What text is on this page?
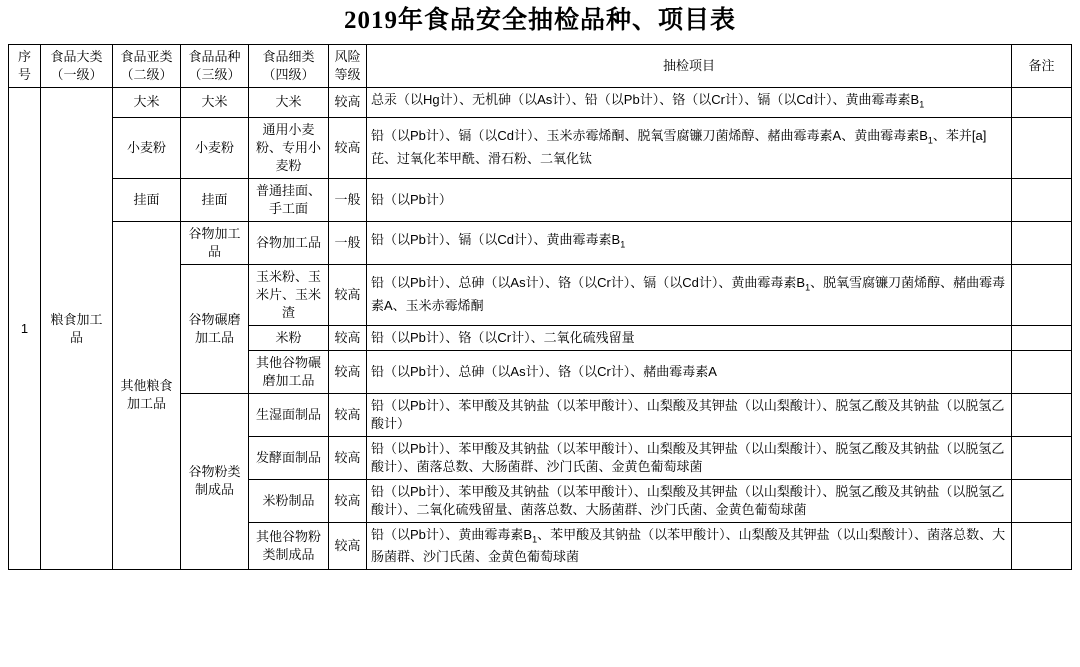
2019年食品安全抽检品种、项目表
序号	食品大类（一级）	食品亚类（二级）	食品品种（三级）	食品细类（四级）	风险等级	抽检项目	备注
1	粮食加工品	大米	大米	大米	较高	总汞（以Hg计）、无机砷（以As计）、铅（以Pb计）、铬（以Cr计）、镉（以Cd计）、黄曲霉毒素$B_1$	
		小麦粉	小麦粉	通用小麦粉、专用小麦粉	较高	铅（以Pb计）、镉（以Cd计）、玉米赤霉烯酮、脱氧雪腐镰刀菌烯醇、赭曲霉毒素A、黄曲霉毒素$B_1$、苯并[a]芘、过氧化苯甲酰、滑石粉、二氧化钛	
		挂面	挂面	普通挂面、手工面	一般	铅（以Pb计）	
		其他粮食加工品	谷物加工品	谷物加工品	一般	铅（以Pb计）、镉（以Cd计）、黄曲霉毒素$B_1$	
			谷物碾磨加工品	玉米粉、玉米片、玉米渣	较高	铅（以Pb计）、总砷（以As计）、铬（以Cr计）、镉（以Cd计）、黄曲霉毒素$B_1$、脱氧雪腐镰刀菌烯醇、赭曲霉毒素A、玉米赤霉烯酮	
				米粉	较高	铅（以Pb计）、铬（以Cr计）、二氧化硫残留量	
				其他谷物碾磨加工品	较高	铅（以Pb计）、总砷（以As计）、铬（以Cr计）、赭曲霉毒素A	
			谷物粉类制成品	生湿面制品	较高	铅（以Pb计）、苯甲酸及其钠盐（以苯甲酸计）、山梨酸及其钾盐（以山梨酸计）、脱氢乙酸及其钠盐（以脱氢乙酸计）	
				发酵面制品	较高	铅（以Pb计）、苯甲酸及其钠盐（以苯甲酸计）、山梨酸及其钾盐（以山梨酸计）、脱氢乙酸及其钠盐（以脱氢乙酸计）、菌落总数、大肠菌群、沙门氏菌、金黄色葡萄球菌	
				米粉制品	较高	铅（以Pb计）、苯甲酸及其钠盐（以苯甲酸计）、山梨酸及其钾盐（以山梨酸计）、脱氢乙酸及其钠盐（以脱氢乙酸计）、二氧化硫残留量、菌落总数、大肠菌群、沙门氏菌、金黄色葡萄球菌	
				其他谷物粉类制成品	较高	铅（以Pb计）、黄曲霉毒素$B_1$、苯甲酸及其钠盐（以苯甲酸计）、山梨酸及其钾盐（以山梨酸计）、菌落总数、大肠菌群、沙门氏菌、金黄色葡萄球菌	
